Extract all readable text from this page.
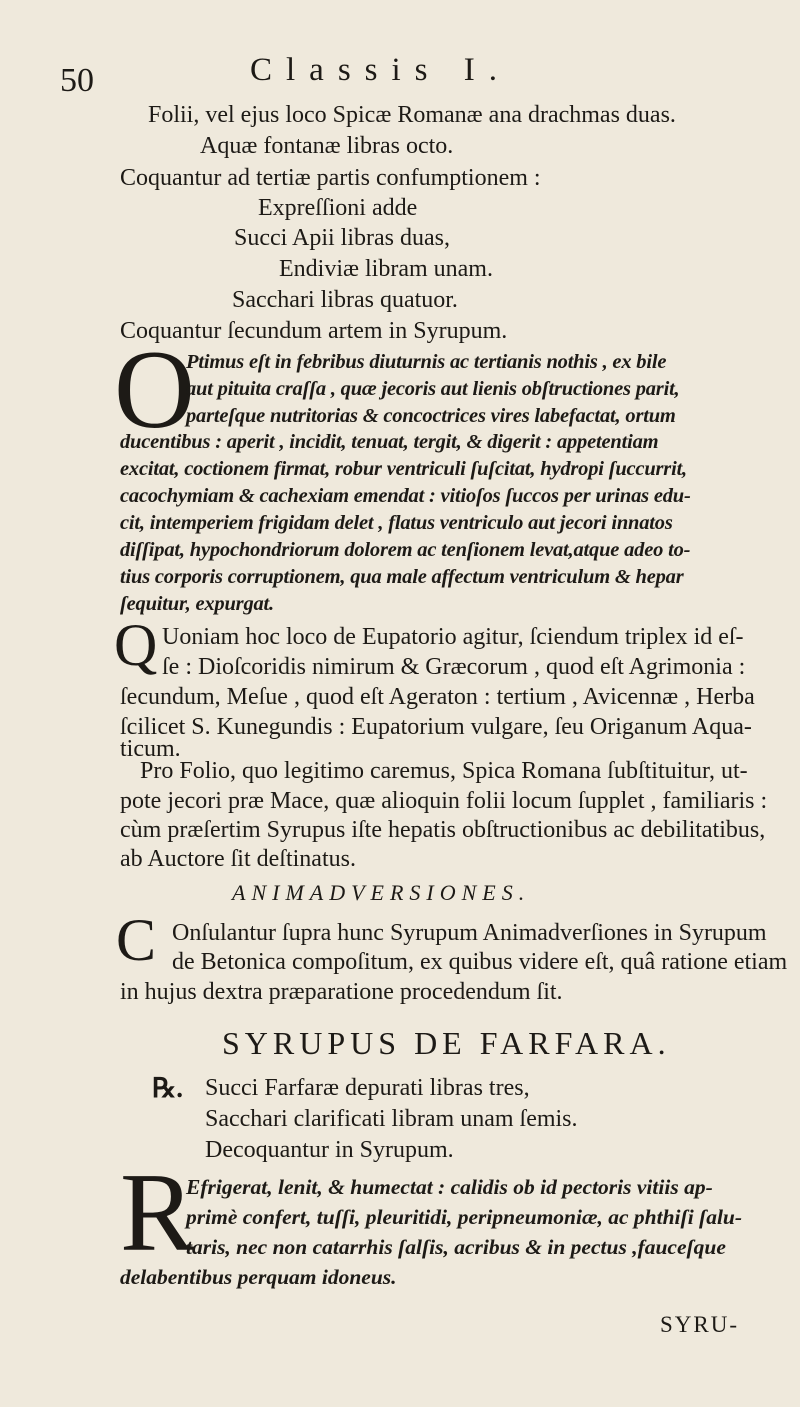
50	Classis I.
Folii, vel ejus loco Spicæ Romanæ ana drachmas duas.
Aquæ fontanæ libras octo.
Coquantur ad tertiæ partis confumptionem :
Expreſſioni adde
Succi Apii libras duas,
Endiviæ libram unam.
Sacchari libras quatuor.
Coquantur ſecundum artem in Syrupum.
O
Ptimus eſt in febribus diuturnis ac tertianis nothis , ex bile
aut pituita craſſa , quæ jecoris aut lienis obſtructiones parit,
parteſque nutritorias & concoctrices vires labefactat, ortum
ducentibus : aperit , incidit, tenuat, tergit, & digerit : appetentiam
excitat, coctionem firmat, robur ventriculi ſuſcitat, hydropi ſuccurrit,
cacochymiam & cachexiam emendat : vitioſos ſuccos per urinas edu-
cit, intemperiem frigidam delet , flatus ventriculo aut jecori innatos
diſſipat, hypochondriorum dolorem ac tenſionem levat,atque adeo to-
tius corporis corruptionem, qua male affectum ventriculum & hepar
ſequitur, expurgat.
Q Uoniam hoc loco de Eupatorio agitur, ſciendum triplex id eſ-
ſe : Dioſcoridis nimirum & Græcorum , quod eſt Agrimonia :
ſecundum, Meſue , quod eſt Ageraton : tertium , Avicennæ , Herba
ſcilicet S. Kunegundis : Eupatorium vulgare, ſeu Origanum Aqua-
ticum.
Pro Folio, quo legitimo caremus, Spica Romana ſubſtituitur, ut-
pote jecori præ Mace, quæ alioquin folii locum ſupplet , familiaris :
cùm præſertim Syrupus iſte hepatis obſtructionibus ac debilitatibus,
ab Auctore ſit deſtinatus.
ANIMADVERSIONES.
C Onſulantur ſupra hunc Syrupum Animadverſiones in Syrupum
de Betonica compoſitum, ex quibus videre eſt, quâ ratione etiam
in hujus dextra præparatione procedendum ſit.
SYRUPUS DE FARFARA.
℞. Succi Farfaræ depurati libras tres,
Sacchari clarificati libram unam ſemis.
Decoquantur in Syrupum.
R
Efrigerat, lenit, & humectat : calidis ob id pectoris vitiis ap-
primè confert, tuſſi, pleuritidi, peripneumoniæ, ac phthiſi ſalu-
taris, nec non catarrhis ſalſis, acribus & in pectus ,fauceſque
delabentibus perquam idoneus.
SYRU-
